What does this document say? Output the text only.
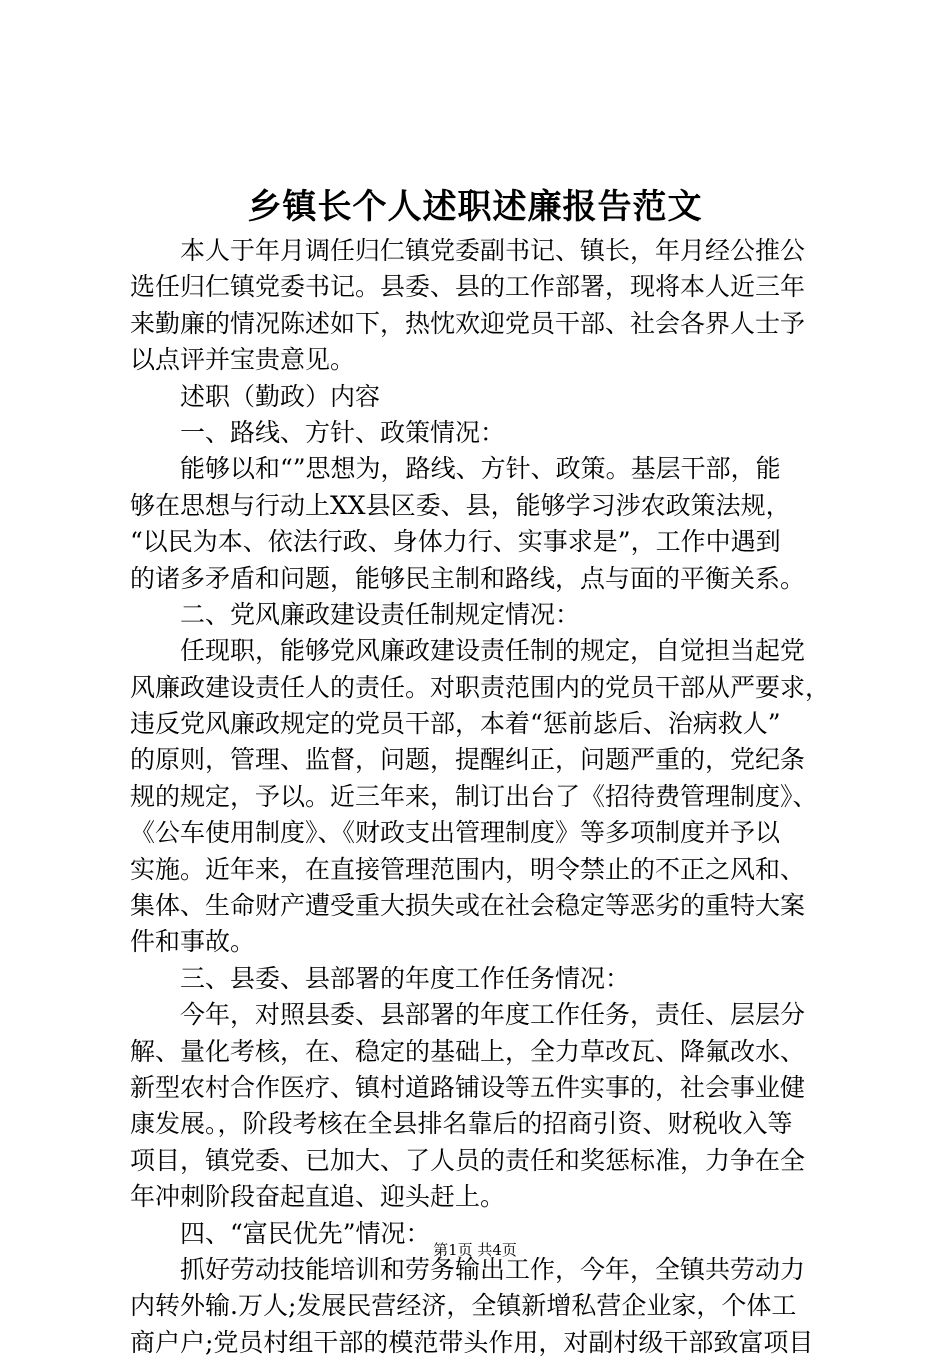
乡镇长个人述职述廉报告范文
　　本人于年月调任归仁镇党委副书记、镇长，年月经公推公
选任归仁镇党委书记。县委、县的工作部署，现将本人近三年
来勤廉的情况陈述如下，热忱欢迎党员干部、社会各界人士予
以点评并宝贵意见。
　　述职（勤政）内容
　　一、路线、方针、政策情况：
　　能够以和“”思想为，路线、方针、政策。基层干部，能
够在思想与行动上XX县区委、县，能够学习涉农政策法规，
“以民为本、依法行政、身体力行、实事求是”，工作中遇到
的诸多矛盾和问题，能够民主制和路线，点与面的平衡关系。
　　二、党风廉政建设责任制规定情况：
　　任现职，能够党风廉政建设责任制的规定，自觉担当起党
风廉政建设责任人的责任。对职责范围内的党员干部从严要求，
违反党风廉政规定的党员干部，本着“惩前毖后、治病救人”
的原则，管理、监督，问题，提醒纠正，问题严重的，党纪条
规的规定，予以。近三年来，制订出台了《招待费管理制度》、
《公车使用制度》、《财政支出管理制度》等多项制度并予以
实施。近年来，在直接管理范围内，明令禁止的不正之风和、
集体、生命财产遭受重大损失或在社会稳定等恶劣的重特大案
件和事故。
　　三、县委、县部署的年度工作任务情况：
　　今年，对照县委、县部署的年度工作任务，责任、层层分
解、量化考核，在、稳定的基础上，全力草改瓦、降氟改水、
新型农村合作医疗、镇村道路铺设等五件实事的，社会事业健
康发展。，阶段考核在全县排名靠后的招商引资、财税收入等
项目，镇党委、已加大、了人员的责任和奖惩标准，力争在全
年冲刺阶段奋起直追、迎头赶上。
　　四、“富民优先”情况：
　　抓好劳动技能培训和劳务输出工作，今年，全镇共劳动力
内转外输.万人;发展民营经济，全镇新增私营企业家，个体工
商户户;党员村组干部的模范带头作用，对副村级干部致富项目
第1页 共4页
